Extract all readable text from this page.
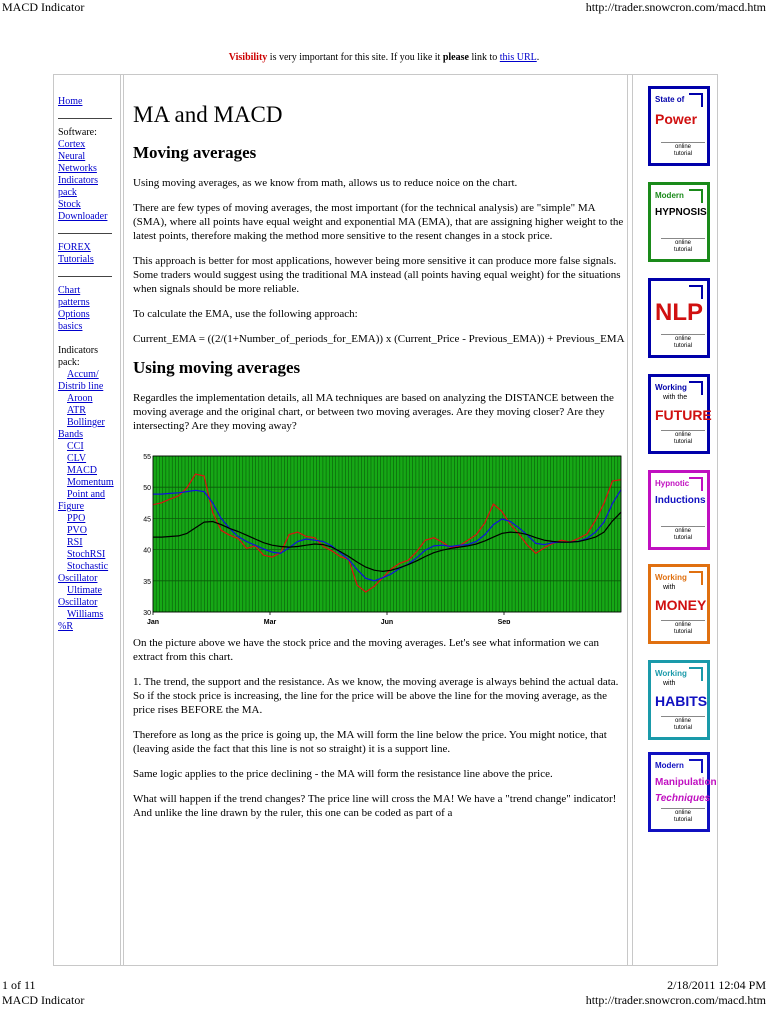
MACD Indicator	http://trader.snowcron.com/macd.htm
Visibility is very important for this site. If you like it please link to this URL.
Home
Software:
Cortex
Neural
Networks
Indicators
pack
Stock
Downloader
FOREX
Tutorials
Chart
patterns
Options
basics
Indicators
pack:
Accum/
Distrib line
Aroon
ATR
Bollinger
Bands
CCI
CLV
MACD
Momentum
Point and
Figure
PPO
PVO
RSI
StochRSI
Stochastic
Oscillator
Ultimate
Oscillator
Williams
%R
MA and MACD
Moving averages

Using moving averages, as we know from math, allows us to reduce noice on the chart.

There are few types of moving averages, the most important (for the technical analysis) are "simple" MA (SMA), where all points have equal weight and exponential MA (EMA), that are assigning higher weight to the latest points, therefore making the method more sensitive to the resent changes in a stock price.

This approach is better for most applications, however being more sensitive it can produce more false signals. Some traders would suggest using the traditional MA instead (all points having equal weight) for the situations when signals should be more reliable.

To calculate the EMA, use the following approach:

Current_EMA = ((2/(1+Number_of_periods_for_EMA)) x (Current_Price - Previous_EMA)) + Previous_EMA

Using moving averages

Regardles the implementation details, all MA techniques are based on analyzing the DISTANCE between the moving average and the original chart, or between two moving averages. Are they moving closer? Are they intersecting? Are they moving away?

30
35
40
45
50
55
Jan	Mar	Jun	Sep

On the picture above we have the stock price and the moving averages. Let's see what information we can extract from this chart.

1. The trend, the support and the resistance. As we know, the moving average is always behind the actual data. So if the stock price is increasing, the line for the price will be above the line for the moving average, as the price rises BEFORE the MA.

Therefore as long as the price is going up, the MA will form the line below the price. You might notice, that (leaving aside the fact that this line is not so straight) it is a support line.

Same logic applies to the price declining - the MA will form the resistance line above the price.

What will happen if the trend changes? The price line will cross the MA! We have a "trend change" indicator! And unlike the line drawn by the ruler, this one can be coded as part of a

State of
Power
online
tutorial
Modern
HYPNOSIS
online
tutorial
NLP
online
tutorial
Working
with the
FUTURE
online
tutorial
Hypnotic
Inductions
online
tutorial
Working
with
MONEY
online
tutorial
Working
with
HABITS
online
tutorial
Modern
Manipulation
Techniques
online
tutorial
1 of 11
MACD Indicator
2/18/2011 12:04 PM
http://trader.snowcron.com/macd.htm
